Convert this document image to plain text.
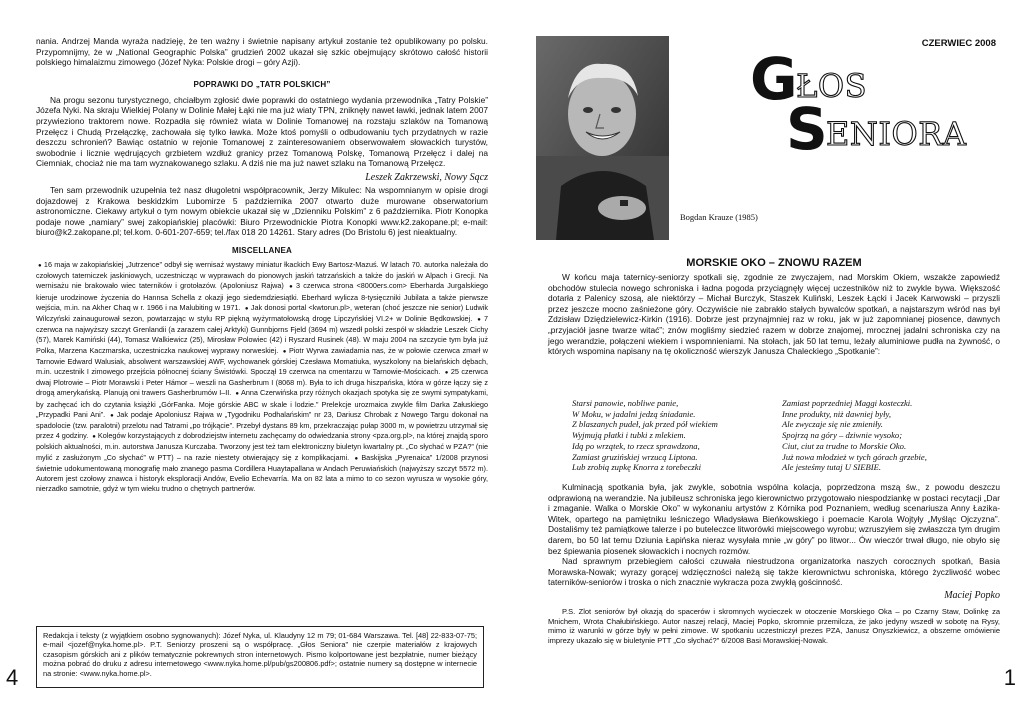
nania. Andrzej Manda wyraża nadzieję, że ten ważny i świetnie napisany artykuł zostanie też opublikowany po polsku. Przypomnijmy, że w „National Geographic Polska” grudzień 2002 ukazał się szkic obejmujący skrótowo całość historii polskiego himalaizmu zimowego (Józef Nyka: Polskie drogi – góry Azji).

POPRAWKI DO „TATR POLSKICH”

Na progu sezonu turystycznego, chciałbym zgłosić dwie poprawki do ostatniego wydania przewodnika „Tatry Polskie” Józefa Nyki. Na skraju Wielkiej Polany w Dolinie Małej Łąki nie ma już wiaty TPN, zniknęły nawet ławki, jednak latem 2007 przywieziono traktorem nowe. Rozpadła się również wiata w Dolinie Tomanowej na rozstaju szlaków na Tomanową Przełęcz i Chudą Przełączkę, zachowała się tylko ławka. Może ktoś pomyśli o odbudowaniu tych przydatnych w razie deszczu schronień? Bawiąc ostatnio w rejonie Tomanowej z zainteresowaniem obserwowałem słowackich turystów, swobodnie i licznie wędrujących grzbietem wzdłuż granicy przez Tomanową Polskę, Tomanową Przełęcz i dalej na Ciemniak, chociaż nie ma tam wyznakowanego szlaku. A dziś nie ma już nawet szlaku na Tomanową Przełęcz.

Leszek Zakrzewski, Nowy Sącz

Ten sam przewodnik uzupełnia też nasz długoletni współpracownik, Jerzy Mikulec: Na wspomnianym w opisie drogi dojazdowej z Krakowa beskidzkim Lubomirze 5 października 2007 otwarto duże murowane obserwatorium astronomiczne. Ciekawy artykuł o tym nowym obiekcie ukazał się w „Dzienniku Polskim” z 6 października. Piotr Konopka podaje nowe „namiary” swej zakopiańskiej placówki: Biuro Przewodnickie Piotra Konopki www.k2.zakopane.pl; e-mail: biuro@k2.zakopane.pl; tel.kom. 0-601-207-659; tel./fax 018 20 14261. Stary adres (Do Bristolu 6) jest nieaktualny.

MISCELLANEA

● 16 maja w zakopiańskiej „Jutrzence” odbył się wernisaż wystawy miniatur łkackich Ewy Bartosz-Mazuś. W latach 70. autorka należała do czołowych taterniczek jaskiniowych, uczestnicząc w wyprawach do pionowych jaskiń tatrzańskich a także do jaskiń w Alpach i Grecji. Na wernisażu nie brakowało wiec taterników i grotołazów. (Apoloniusz Rajwa) ● 3 czerwca strona <8000ers.com> Eberharda Jurgalskiego kieruje urodzinowe życzenia do Hannsa Schella z okazji jego siedemdziesiątki. Eberhard wylicza 8-tysięczniki Jubilata a także pierwsze wejścia, m.in. na Akher Chaq w r. 1966 i na Malubiting w 1971. ● Jak donosi portal <kwtorun.pl>, weteran (choć jeszcze nie senior) Ludwik Wilczyński zainaugurował sezon, powtarzając w stylu RP piękną wyżyrmatołowską drogę Lipczyńskiej VI.2+ w Dolinie Będkowskiej. ● 7 czerwca na najwyższy szczyt Grenlandii (a zarazem całej Arktyki) Gunnbjorns Fjeld (3694 m) wszedł polski zespół w składzie Leszek Cichy (57), Marek Kamiński (44), Tomasz Walkiewicz (25), Mirosław Polowiec (42) i Ryszard Rusinek (48). W maju 2004 na szczycie tym była już Polka, Marzena Kaczmarska, uczestniczka naukowej wyprawy norweskiej. ● Piotr Wyrwa zawiadamia nas, że w połowie czerwca zmarł w Tarnowie Edward Walusiak, absolwent warszawskiej AWF, wychowanek górskiej Czesława Momatiuka, wyszkolony na bielańskich dębach, m.in. uczestnik I zimowego przejścia północnej ściany Świstówki. Spoczął 19 czerwca na cmentarzu w Tarnowie-Mościcach. ● 25 czerwca dwaj Plotrowie – Piotr Morawski i Peter Hámor – weszli na Gasherbrum I (8068 m). Była to ich druga hiszpańska, która w górze łączy się z drogą amerykańską. Planują oni trawers Gasherbrumów I–II. ● Anna Czerwińska przy różnych okazjach spotyka się ze swymi sympatykami, by zachęcać ich do czytania książki „GórFanka. Moje górskie ABC w skale i lodzie.” Prelekcje urozmaica zwykle film Darka Załuskiego „Przypadki Pani Ani”. ● Jak podaje Apoloniusz Rajwa w „Tygodniku Podhalańskim” nr 23, Dariusz Chrobak z Nowego Targu dokonał na spadolocie (tzw. paralotni) przelotu nad Tatrami „po trójkącie”. Przebył dystans 89 km, przekraczając pułap 3000 m, w powietrzu utrzymał się przez 4 godziny. ● Kolegów korzystających z dobrodziejstw internetu zachęcamy do odwiedzania strony <pza.org.pl>, na której znajdą sporo polskich aktualności, m.in. autorstwa Janusza Kurczaba. Tworzony jest też tam elektroniczny biuletyn kwartalny pt. „Co słychać w PZA?” (nie mylić z zasłużonym „Co słychać” w PTT) – na razie niestety otwierający się z komplikacjami. ● Baskijska „Pyrenaica” 1/2008 przynosi świetnie udokumentowaną monografię mało znanego pasma Cordillera Huaytapallana w Andach Peruwiańskich (najwyższy szczyt 5572 m). Autorem jest czołowy znawca i historyk eksploracji Andów, Evelio Echevarría. Ma on 82 lata a mimo to co sezon wyrusza w wysokie góry, nierzadko samotnie, gdyż w tym wieku trudno o chętnych partnerów.

Redakcja i teksty (z wyjątkiem osobno sygnowanych): Józef Nyka, ul. Klaudyny 12 m 79; 01-684 Warszawa. Tel. [48] 22-833-07-75; e-mail <jozef@nyka.home.pl>. P.T. Seniorzy proszeni są o współpracę. „Głos Seniora” nie czerpie materiałów z krajowych czasopism górskich ani z plików tematycznie pokrewnych stron internetowych. Pismo kolportowane jest bezpłatnie, numer bieżący można pobrać do druku z adresu internetowego <www.nyka.home.pl/pub/gs200806.pdf>; ostatnie numery są dostępne w internecie na stronie: <www.nyka.home.pl>.

4
Bogdan Krauze (1985)
CZERWIEC 2008
G
ŁOS
S
ENIORA
MORSKIE OKO – ZNOWU RAZEM

W końcu maja taternicy-seniorzy spotkali się, zgodnie ze zwyczajem, nad Morskim Okiem, wszakże zapowiedź obchodów stulecia nowego schroniska i ładna pogoda przyciągnęły więcej uczestników niż to zwykle bywa. Większość dotarła z Palenicy szosą, ale niektórzy – Michał Burczyk, Staszek Kuliński, Leszek Łącki i Jacek Karwowski – przyszli przez jeszcze mocno zaśnieżone góry. Oczywiście nie zabrakło stałych bywalców spotkań, a najstarszym wśród nas był Zdzisław Dziędzielewicz-Kirkin (1916). Dobrze jest przynajmniej raz w roku, jak w już zapomnianej piosence, dawnych „przyjaciół jasne twarze witać”; znów mogliśmy siedzieć razem w dobrze znajomej, mrocznej jadalni schroniska czy na jego werandzie, połączeni wiekiem i wspomnieniami. Na stołach, jak 50 lat temu, leżały aluminiowe pudła na żywność, o których wspomina napisany na tę okoliczność wierszyk Janusza Chaleckiego „Spotkanie”:

Starsi panowie, nobliwe panie,
W Moku, w jadalni jedzą śniadanie.
Z blaszanych pudeł, jak przed pół wiekiem
Wyjmują płatki i tubki z mlekiem.
Idą po wrzątek, to rzecz sprawdzona,
Zamiast gruzińskiej wrzucą Liptona.
Lub zrobią zupkę Knorra z torebeczki
Zamiast poprzedniej Maggi kosteczki.
Inne produkty, niż dawniej były,
Ale zwyczaje się nie zmieniły.
Spojrzą na góry – dziwnie wysoko;
Ciut, ciut za trudne to Morskie Oko.
Już nowa młodzież w tych górach grzebie,
Ale jesteśmy tutaj U SIEBIE.

Kulminacją spotkania była, jak zwykle, sobotnia wspólna kolacja, poprzedzona mszą św., z powodu deszczu odprawioną na werandzie. Na jubileusz schroniska jego kierownictwo przygotowało niespodziankę w postaci recytacji „Dar i zmaganie. Walka o Morskie Oko” w wykonaniu artystów z Kórnika pod Poznaniem, według scenariusza Anny Łazika-Witek, opartego na pamiętniku leśniczego Władysława Bieńkowskiego i poemacie Karola Wojtyły „Myśląc Ojczyzna”. Dostaliśmy też pamiątkowe talerze i po buteleczce litworówki miejscowego wyrobu; wzruszyłem się zwłaszcza tym drugim darem, bo 50 lat temu Dziunia Łapińska nieraz wysyłała mnie „w góry” po litwor... Ów wieczór trwał długo, nie obyło się bez śpiewania piosenek słowackich i nocnych rozmów.

Nad sprawnym przebiegiem całości czuwała niestrudzona organizatorka naszych corocznych spotkań, Basia Morawska-Nowak; wyrazy gorącej wdzięczności należą się także kierownictwu schroniska, którego życzliwość wobec taterników-seniorów i troska o nich znacznie wykracza poza zwykłą gościnność.

Maciej Popko

P.S. Zlot seniorów był okazją do spacerów i skromnych wycieczek w otoczenie Morskiego Oka – po Czarny Staw, Dolinkę za Mnichem, Wrota Chałubińskiego. Autor naszej relacji, Maciej Popko, skromnie przemilcza, że jako jedyny wszedł w sobotę na Rysy, mimo iż warunki w górze były w pełni zimowe. W spotkaniu uczestniczył prezes PZA, Janusz Onyszkiewicz, a obszerne omówienie imprezy ukazało się w biuletynie PTT „Co słychać?” 6/2008 Basi Morawskiej-Nowak.

1
